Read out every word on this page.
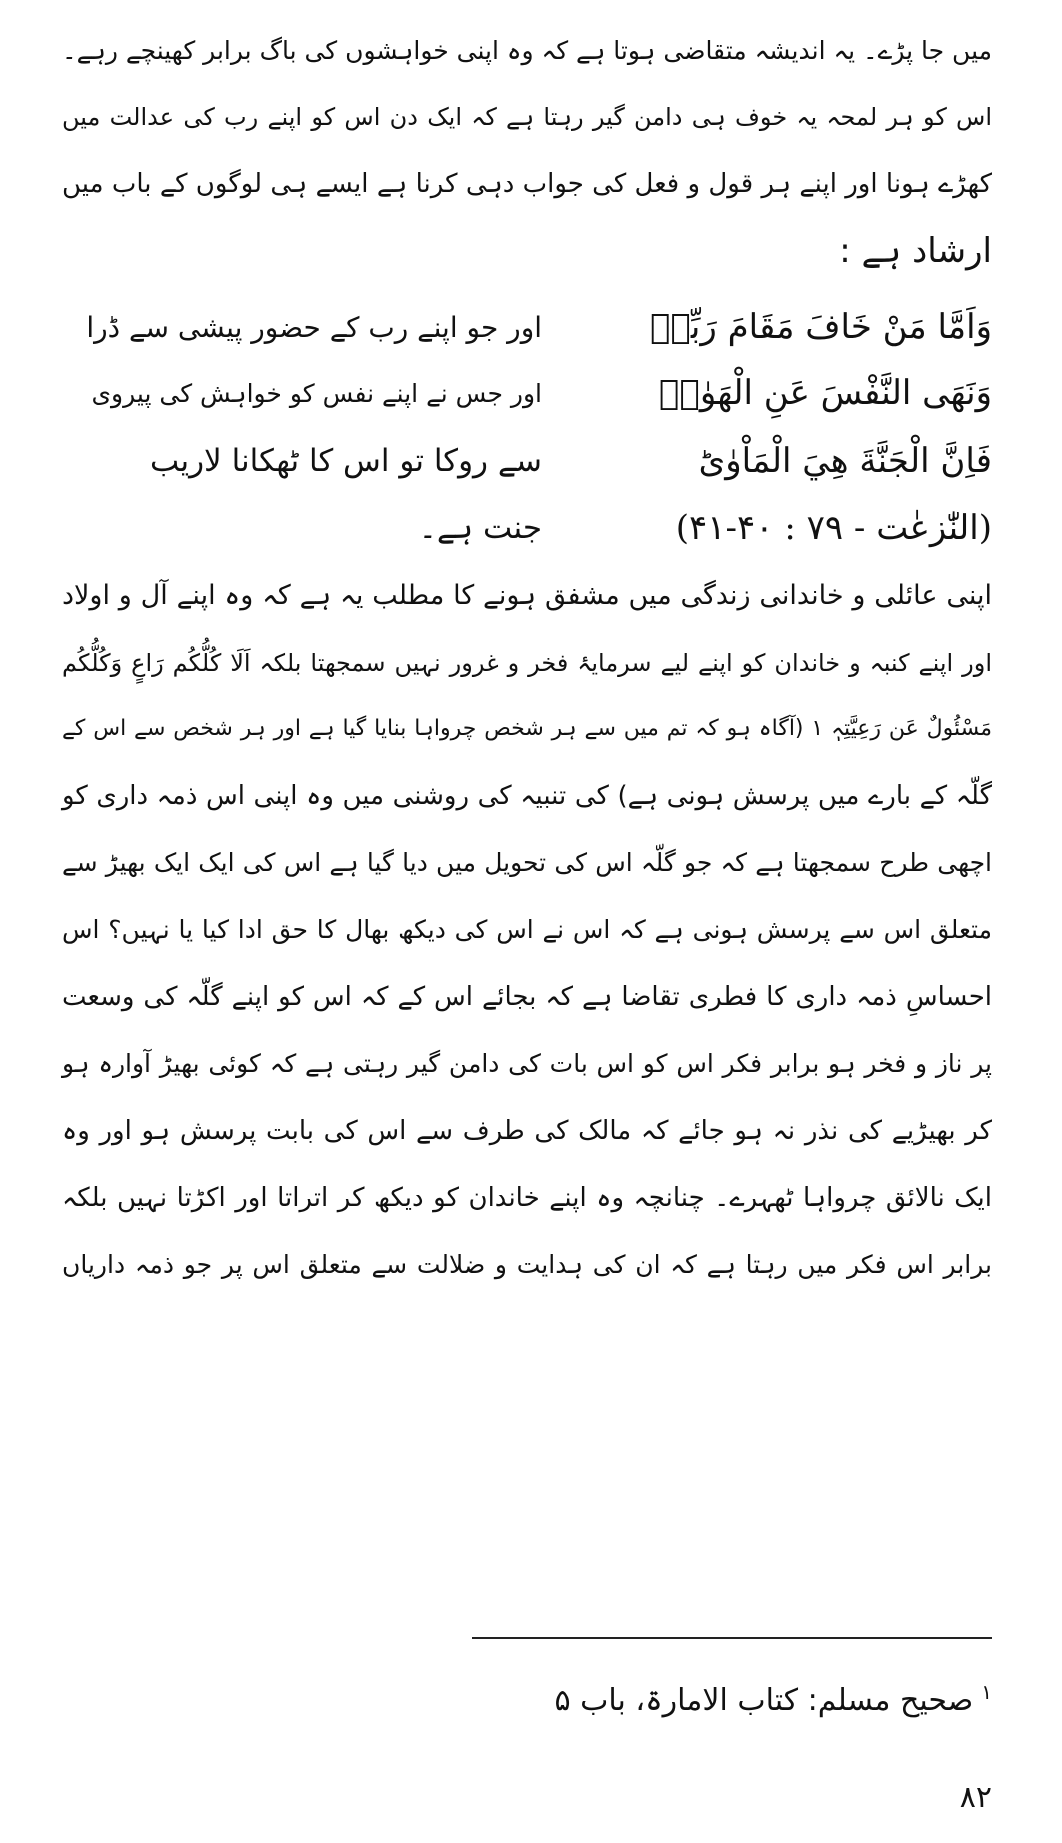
میں جا پڑے۔ یہ اندیشہ متقاضی ہوتا ہے کہ وہ اپنی خواہشوں کی باگ برابر کھینچے رہے۔
اس کو ہر لمحہ یہ خوف ہی دامن گیر رہتا ہے کہ ایک دن اس کو اپنے رب کی عدالت میں
کھڑے ہونا اور اپنے ہر قول و فعل کی جواب دہی کرنا ہے ایسے ہی لوگوں کے باب میں
ارشاد ہے :
وَاَمَّا مَنْ خَافَ مَقَامَ رَبِّهٖ
اور جو اپنے رب کے حضور پیشی سے ڈرا
وَنَهَى النَّفْسَ عَنِ الْهَوٰىۙ
اور جس نے اپنے نفس کو خواہش کی پیروی
فَاِنَّ الْجَنَّةَ هِيَ الْمَاْوٰىؕ
سے روکا تو اس کا ٹھکانا لاریب
(النّٰزعٰت - ۷۹ : ۴۰-۴۱)
جنت ہے۔
اپنی عائلی و خاندانی زندگی میں مشفق ہونے کا مطلب یہ ہے کہ وہ اپنے آل و اولاد
اور اپنے کنبہ و خاندان کو اپنے لیے سرمایۂ فخر و غرور نہیں سمجھتا بلکہ اَلَا کُلُّکُم رَاعٍ وَکُلُّکُم
مَسْئُولٌ عَن رَعِیَّتِہٖ ۱ (آگاہ ہو کہ تم میں سے ہر شخص چرواہا بنایا گیا ہے اور ہر شخص سے اس کے
گلّہ کے بارے میں پرسش ہونی ہے) کی تنبیہ کی روشنی میں وہ اپنی اس ذمہ داری کو
اچھی طرح سمجھتا ہے کہ جو گلّہ اس کی تحویل میں دیا گیا ہے اس کی ایک ایک بھیڑ سے
متعلق اس سے پرسش ہونی ہے کہ اس نے اس کی دیکھ بھال کا حق ادا کیا یا نہیں؟ اس
احساسِ ذمہ داری کا فطری تقاضا ہے کہ بجائے اس کے کہ اس کو اپنے گلّہ کی وسعت
پر ناز و فخر ہو برابر فکر اس کو اس بات کی دامن گیر رہتی ہے کہ کوئی بھیڑ آوارہ ہو
کر بھیڑیے کی نذر نہ ہو جائے کہ مالک کی طرف سے اس کی بابت پرسش ہو اور وہ
ایک نالائق چرواہا ٹھہرے۔ چنانچہ وہ اپنے خاندان کو دیکھ کر اتراتا اور اکڑتا نہیں بلکہ
برابر اس فکر میں رہتا ہے کہ ان کی ہدایت و ضلالت سے متعلق اس پر جو ذمہ داریاں
$^۱$صحیح مسلم: کتاب الامارۃ، باب ۵
۸۲
